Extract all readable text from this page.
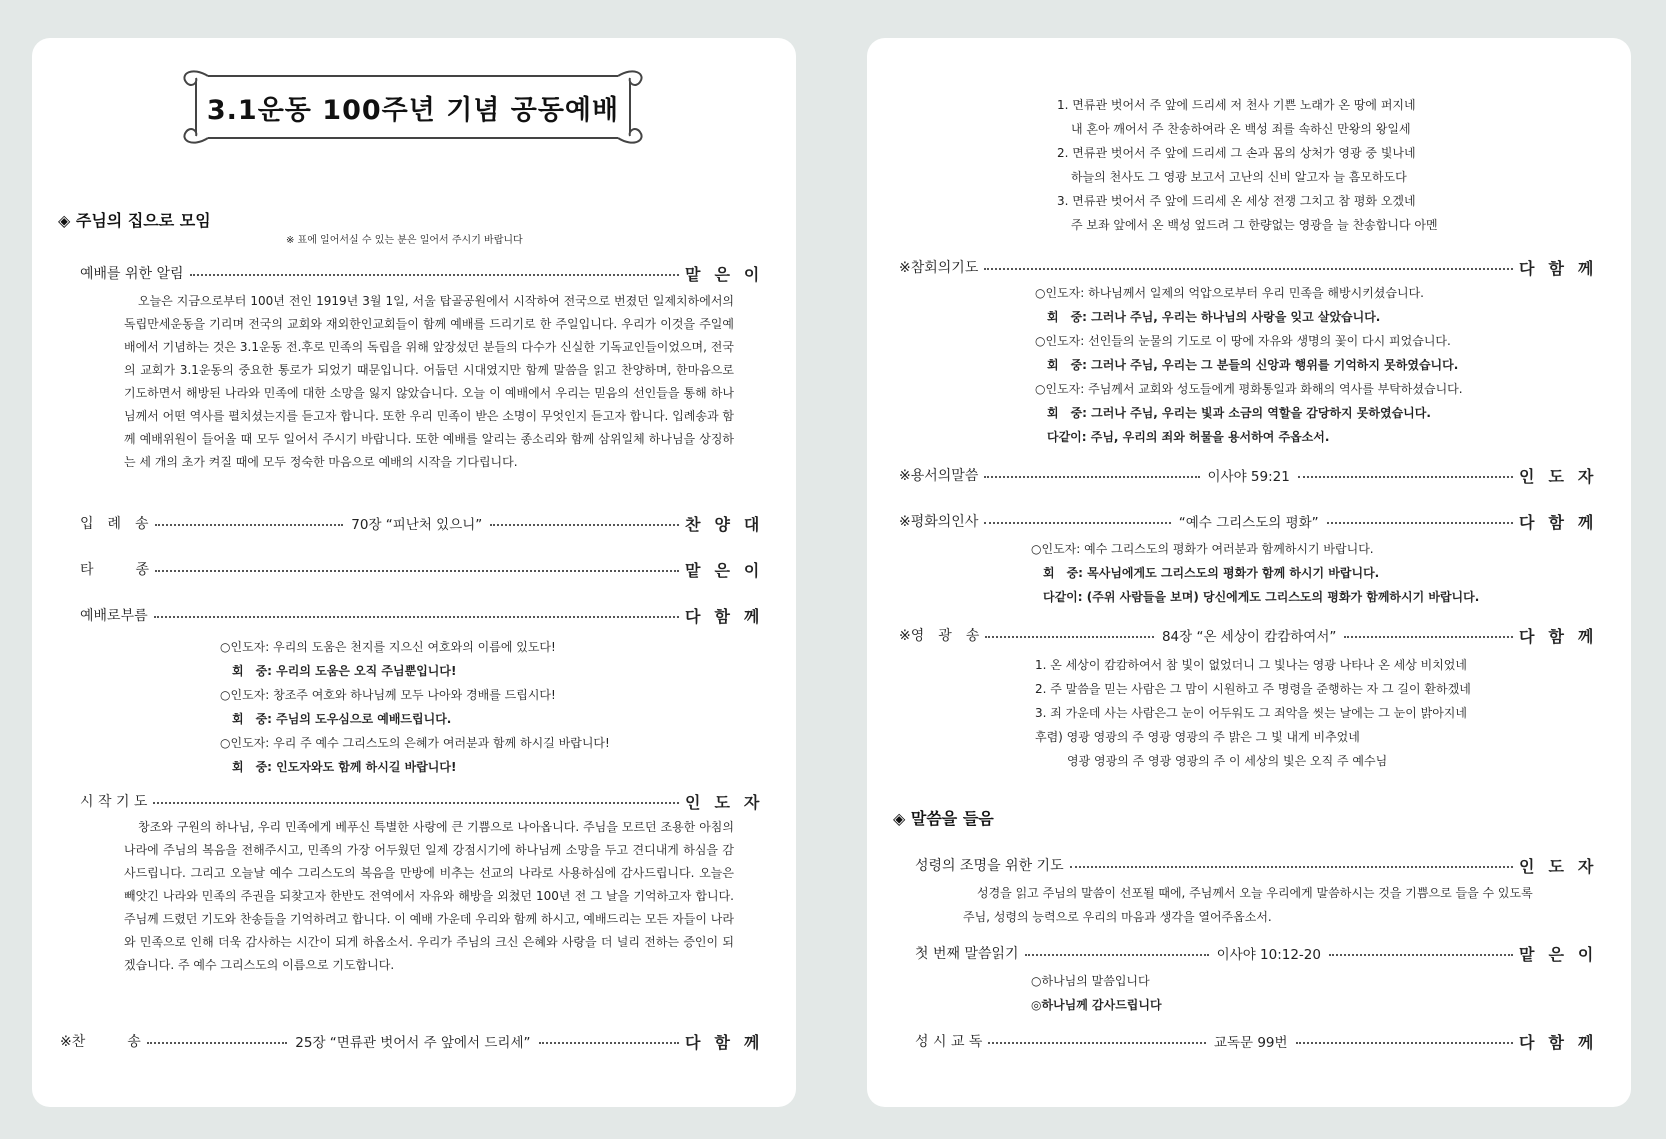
3.1운동 100주년 기념 공동예배
◈ 주님의 집으로 모임
※ 표에 일어서실 수 있는 분은 일어서 주시기 바랍니다
예배를 위한 알림	맡은이
오늘은 지금으로부터 100년 전인 1919년 3월 1일, 서울 탑골공원에서 시작하여 전국으로 번졌던 일제치하에서의 독립만세운동을 기리며 전국의 교회와 재외한인교회들이 함께 예배를 드리기로 한 주일입니다. 우리가 이것을 주일예배에서 기념하는 것은 3.1운동 전.후로 민족의 독립을 위해 앞장섰던 분들의 다수가 신실한 기독교인들이었으며, 전국의 교회가 3.1운동의 중요한 통로가 되었기 때문입니다. 어둡던 시대였지만 함께 말씀을 읽고 찬양하며, 한마음으로 기도하면서 해방된 나라와 민족에 대한 소망을 잃지 않았습니다. 오늘 이 예배에서 우리는 믿음의 선인들을 통해 하나님께서 어떤 역사를 펼치셨는지를 듣고자 합니다. 또한 우리 민족이 받은 소명이 무엇인지 듣고자 합니다. 입례송과 함께 예배위원이 들어올 때 모두 일어서 주시기 바랍니다. 또한 예배를 알리는 종소리와 함께 삼위일체 하나님을 상징하는 세 개의 초가 켜질 때에 모두 정숙한 마음으로 예배의 시작을 기다립니다.
입　례　송	70장 “피난처 있으니”	찬양대
타　　　종	맡은이
예배로부름	다함께
○인도자: 우리의 도움은 천지를 지으신 여호와의 이름에 있도다!
회　중: 우리의 도움은 오직 주님뿐입니다!
○인도자: 창조주 여호와 하나님께 모두 나아와 경배를 드립시다!
회　중: 주님의 도우심으로 예배드립니다.
○인도자: 우리 주 예수 그리스도의 은혜가 여러분과 함께 하시길 바랍니다!
회　중: 인도자와도 함께 하시길 바랍니다!
시 작 기 도	인도자
창조와 구원의 하나님, 우리 민족에게 베푸신 특별한 사랑에 큰 기쁨으로 나아옵니다. 주님을 모르던 조용한 아침의 나라에 주님의 복음을 전해주시고, 민족의 가장 어두웠던 일제 강점시기에 하나님께 소망을 두고 견디내게 하심을 감사드립니다. 그리고 오늘날 예수 그리스도의 복음을 만방에 비추는 선교의 나라로 사용하심에 감사드립니다. 오늘은 빼앗긴 나라와 민족의 주권을 되찾고자 한반도 전역에서 자유와 해방을 외쳤던 100년 전 그 날을 기억하고자 합니다. 주님께 드렸던 기도와 찬송들을 기억하려고 합니다. 이 예배 가운데 우리와 함께 하시고, 예배드리는 모든 자들이 나라와 민족으로 인해 더욱 감사하는 시간이 되게 하옵소서. 우리가 주님의 크신 은혜와 사랑을 더 널리 전하는 증인이 되겠습니다. 주 예수 그리스도의 이름으로 기도합니다.
※찬　　　송	25장 “면류관 벗어서 주 앞에서 드리세”	다함께
1. 면류관 벗어서 주 앞에 드리세 저 천사 기쁜 노래가 온 땅에 퍼지네
내 혼아 깨어서 주 찬송하여라 온 백성 죄를 속하신 만왕의 왕일세
2. 면류관 벗어서 주 앞에 드리세 그 손과 몸의 상처가 영광 중 빛나네
하늘의 천사도 그 영광 보고서 고난의 신비 알고자 늘 흠모하도다
3. 면류관 벗어서 주 앞에 드리세 온 세상 전쟁 그치고 참 평화 오겠네
주 보좌 앞에서 온 백성 엎드려 그 한량없는 영광을 늘 찬송합니다 아멘
※참회의기도	다함께
○인도자: 하나님께서 일제의 억압으로부터 우리 민족을 해방시키셨습니다.
회　중: 그러나 주님, 우리는 하나님의 사랑을 잊고 살았습니다.
○인도자: 선인들의 눈물의 기도로 이 땅에 자유와 생명의 꽃이 다시 피었습니다.
회　중: 그러나 주님, 우리는 그 분들의 신앙과 행위를 기억하지 못하였습니다.
○인도자: 주님께서 교회와 성도들에게 평화통일과 화해의 역사를 부탁하셨습니다.
회　중: 그러나 주님, 우리는 빛과 소금의 역할을 감당하지 못하였습니다.
다같이: 주님, 우리의 죄와 허물을 용서하여 주옵소서.
※용서의말씀	이사야 59:21	인도자
※평화의인사	“예수 그리스도의 평화”	다함께
○인도자: 예수 그리스도의 평화가 여러분과 함께하시기 바랍니다.
회　중: 목사님에게도 그리스도의 평화가 함께 하시기 바랍니다.
다같이: (주위 사람들을 보며) 당신에게도 그리스도의 평화가 함께하시기 바랍니다.
※영　광　송	84장 “온 세상이 캄캄하여서”	다함께
1. 온 세상이 캄캄하여서 참 빛이 없었더니 그 빛나는 영광 나타나 온 세상 비치었네
2. 주 말씀을 믿는 사람은 그 맘이 시원하고 주 명령을 준행하는 자 그 길이 환하겠네
3. 죄 가운데 사는 사람은그 눈이 어두워도 그 죄악을 씻는 날에는 그 눈이 밝아지네
후렴) 영광 영광의 주 영광 영광의 주 밝은 그 빛 내게 비추었네
영광 영광의 주 영광 영광의 주 이 세상의 빛은 오직 주 예수님
◈ 말씀을 들음
성령의 조명을 위한 기도	인도자
성경을 읽고 주님의 말씀이 선포될 때에, 주님께서 오늘 우리에게 말씀하시는 것을 기쁨으로 들을 수 있도록
주님, 성령의 능력으로 우리의 마음과 생각을 열어주옵소서.
첫 번째 말씀읽기	이사야 10:12-20	맡은이
○하나님의 말씀입니다
◎하나님께 감사드립니다
성 시 교 독	교독문 99번	다함께
